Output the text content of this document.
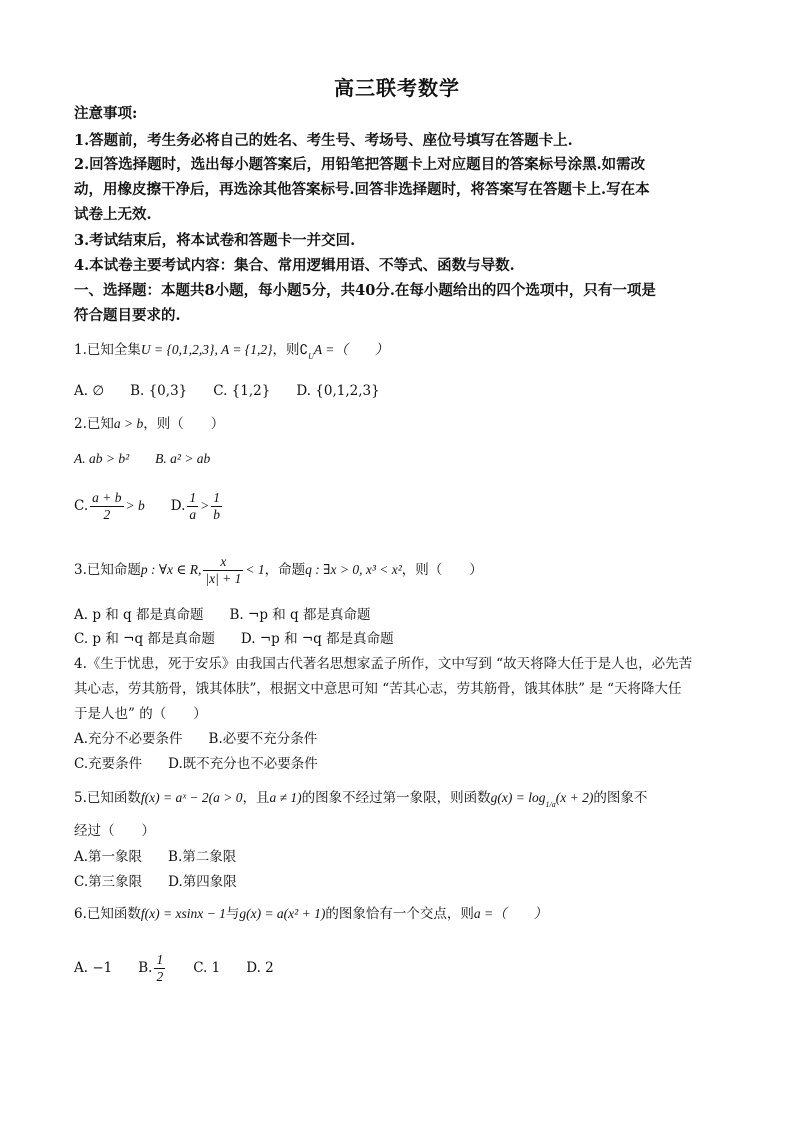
高三联考数学
注意事项:
1.答题前，考生务必将自己的姓名、考生号、考场号、座位号填写在答题卡上.
2.回答选择题时，选出每小题答案后，用铅笔把答题卡上对应题目的答案标号涂黑.如需改
动，用橡皮擦干净后，再选涂其他答案标号.回答非选择题时，将答案写在答题卡上.写在本
试卷上无效.
3.考试结束后，将本试卷和答题卡一并交回.
4.本试卷主要考试内容：集合、常用逻辑用语、不等式、函数与导数.
一、选择题：本题共8小题，每小题5分，共40分.在每小题给出的四个选项中，只有一项是
符合题目要求的.
1.已知全集U = {0,1,2,3}, A = {1,2}，则$∁_UA$ =（　　）
A. ∅ B. {0,3} C. {1,2} D. {0,1,2,3}
2.已知a > b，则（　　）
A. ab > b² B. a² > ab
C. $\frac{a + b}{2} > b$ D. $\frac{1}{a} > \frac{1}{b}$
3.已知命题p : ∀x ∈ R, $\frac{x}{|x| + 1} < 1$，命题q : ∃x > 0, x³ < x²，则（　　）
A. p 和 q 都是真命题 B. ¬p 和 q 都是真命题
C. p 和 ¬q 都是真命题 D. ¬p 和 ¬q 都是真命题
4.《生于忧患，死于安乐》由我国古代著名思想家孟子所作，文中写到 “故天将降大任于是人也，必先苦
其心志，劳其筋骨，饿其体肤”，根据文中意思可知 “苦其心志，劳其筋骨，饿其体肤” 是 “天将降大任
于是人也” 的（　　）
A.充分不必要条件 B.必要不充分条件
C.充要条件 D.既不充分也不必要条件
5.已知函数f(x) = aˣ − 2(a > 0，且a ≠ 1)的图象不经过第一象限，则函数$g(x) = \log_{1/a}(x + 2)$的图象不
经过（　　）
A.第一象限 B.第二象限
C.第三象限 D.第四象限
6.已知函数f(x) = xsinx − 1与g(x) = a(x² + 1)的图象恰有一个交点，则a =（　　）
A. −1 B. $\frac{1}{2} C$. 1 D. 2
